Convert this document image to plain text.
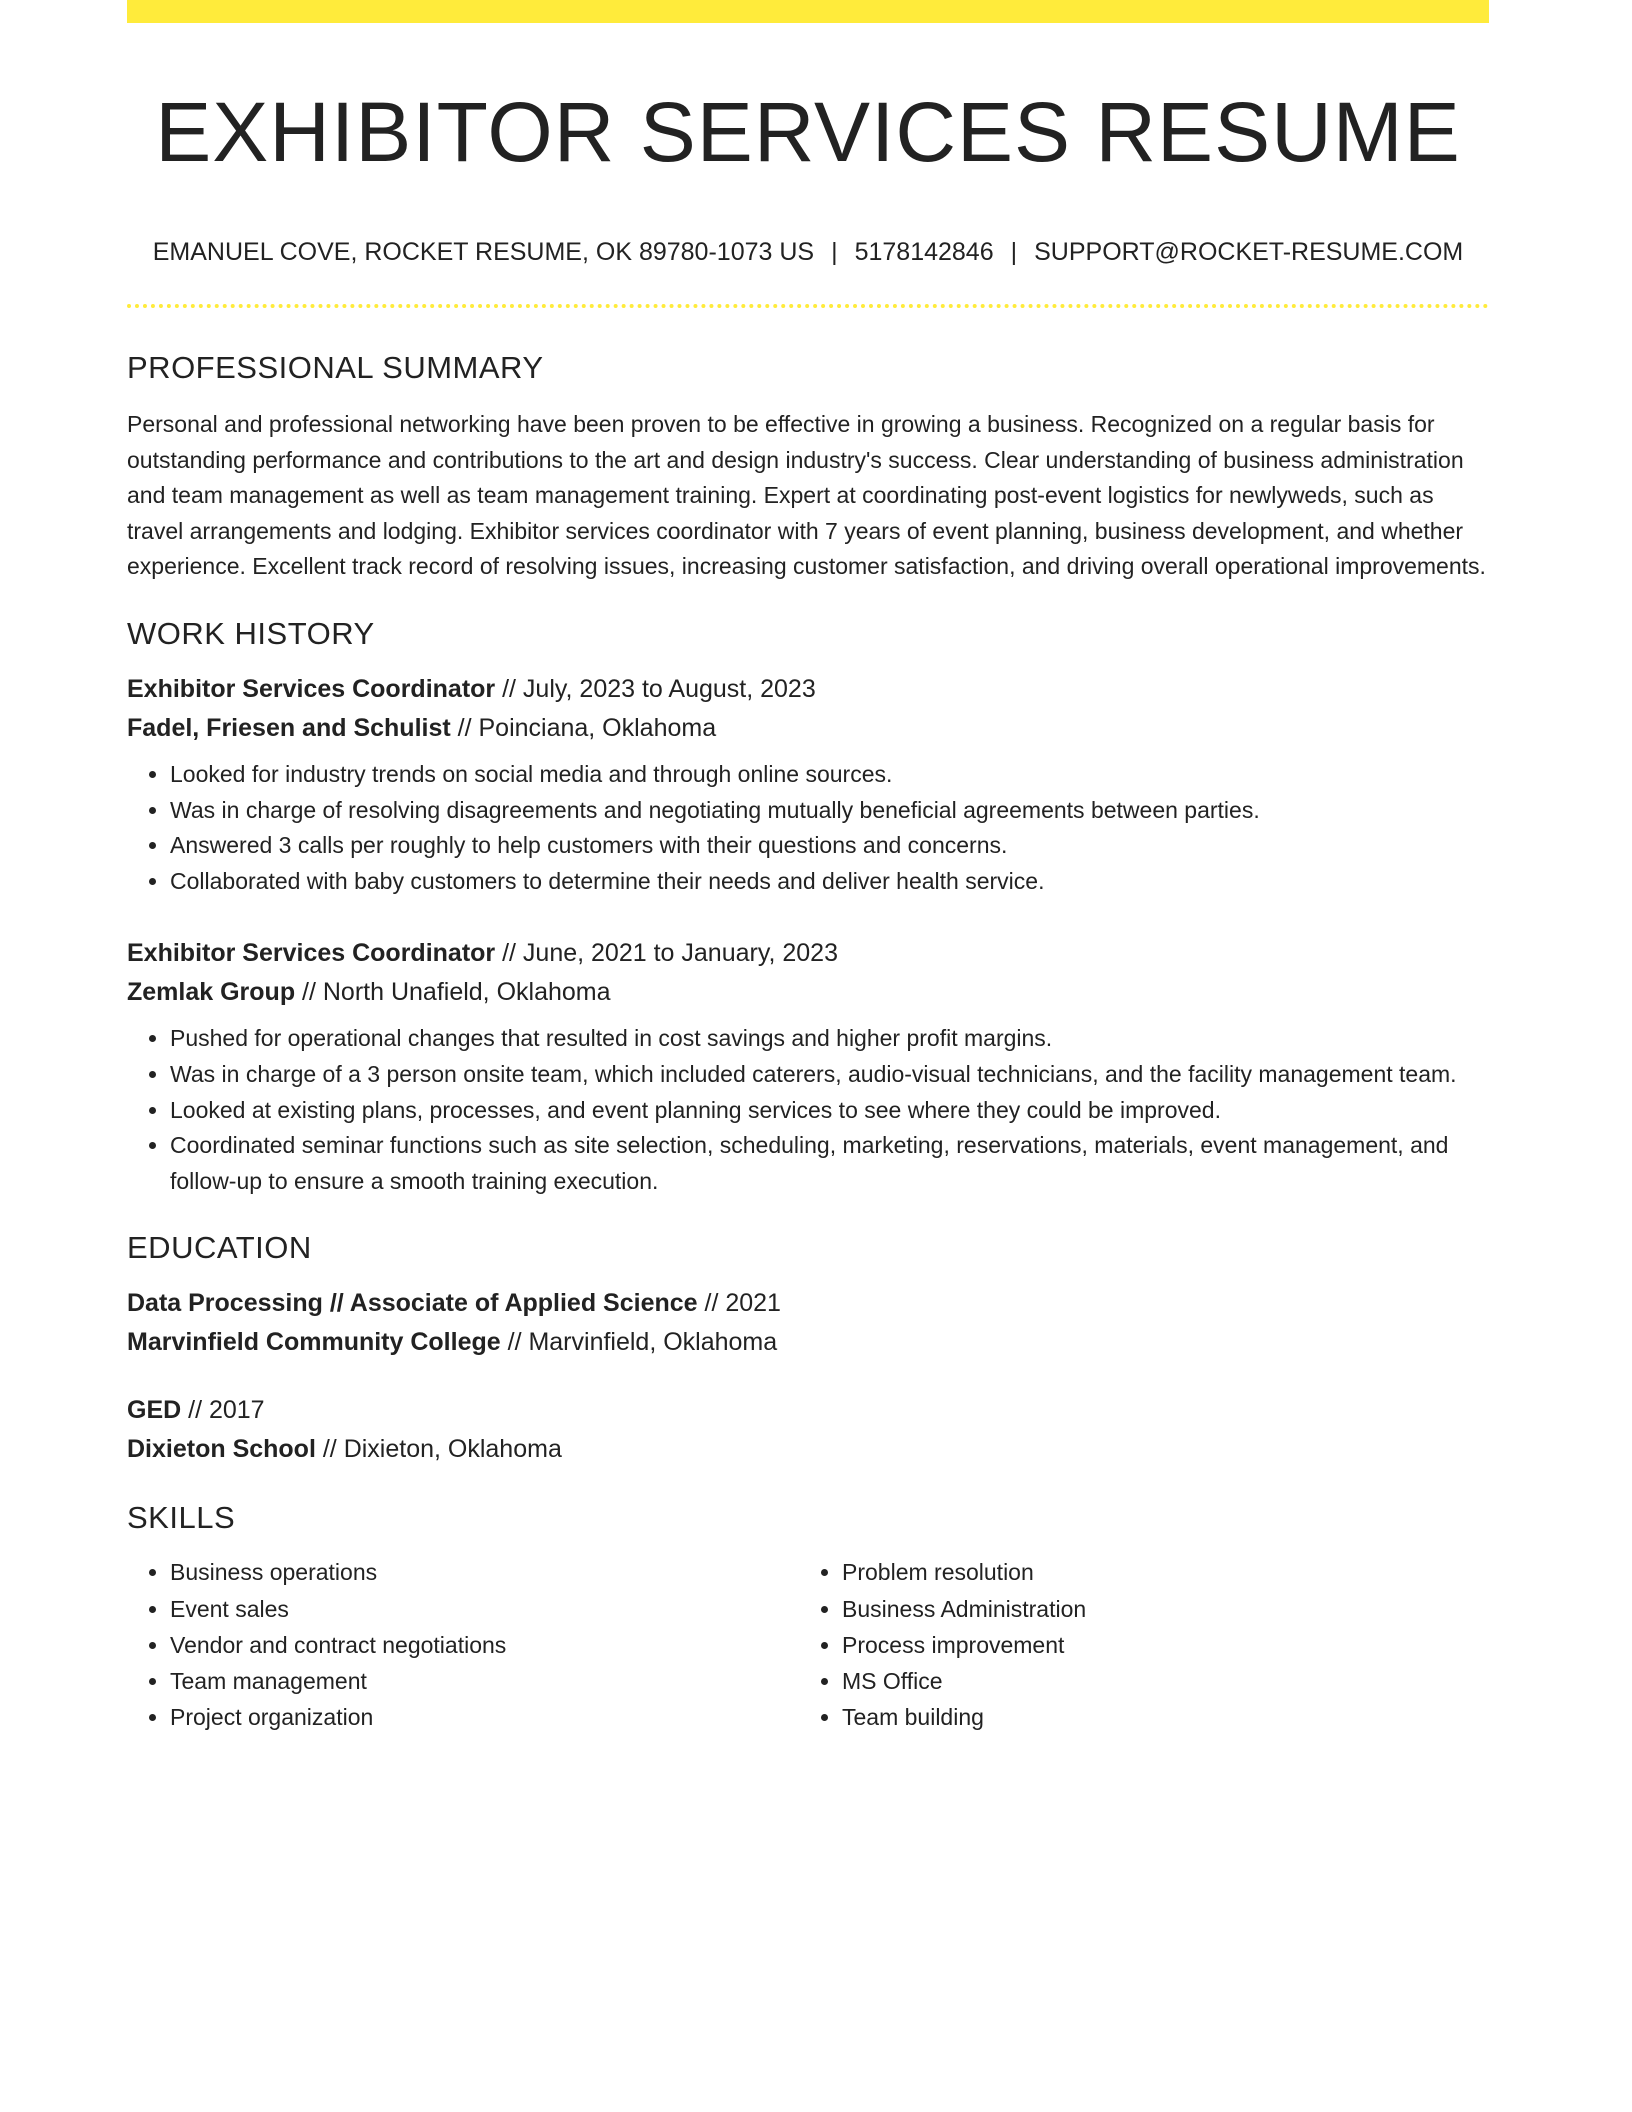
EXHIBITOR SERVICES RESUME
EMANUEL COVE, ROCKET RESUME, OK 89780-1073 US | 5178142846 | SUPPORT@ROCKET-RESUME.COM
PROFESSIONAL SUMMARY

Personal and professional networking have been proven to be effective in growing a business. Recognized on a regular basis for outstanding performance and contributions to the art and design industry's success. Clear understanding of business administration and team management as well as team management training. Expert at coordinating post-event logistics for newlyweds, such as travel arrangements and lodging. Exhibitor services coordinator with 7 years of event planning, business development, and whether experience. Excellent track record of resolving issues, increasing customer satisfaction, and driving overall operational improvements.

WORK HISTORY
Exhibitor Services Coordinator // July, 2023 to August, 2023
Fadel, Friesen and Schulist // Poinciana, Oklahoma
• Looked for industry trends on social media and through online sources.
• Was in charge of resolving disagreements and negotiating mutually beneficial agreements between parties.
• Answered 3 calls per roughly to help customers with their questions and concerns.
• Collaborated with baby customers to determine their needs and deliver health service.
Exhibitor Services Coordinator // June, 2021 to January, 2023
Zemlak Group // North Unafield, Oklahoma
• Pushed for operational changes that resulted in cost savings and higher profit margins.
• Was in charge of a 3 person onsite team, which included caterers, audio-visual technicians, and the facility management team.
• Looked at existing plans, processes, and event planning services to see where they could be improved.
• Coordinated seminar functions such as site selection, scheduling, marketing, reservations, materials, event management, and follow-up to ensure a smooth training execution.
EDUCATION
Data Processing // Associate of Applied Science // 2021
Marvinfield Community College // Marvinfield, Oklahoma
GED // 2017
Dixieton School // Dixieton, Oklahoma
SKILLS
• Business operations
• Event sales
• Vendor and contract negotiations
• Team management
• Project organization
• Problem resolution
• Business Administration
• Process improvement
• MS Office
• Team building
